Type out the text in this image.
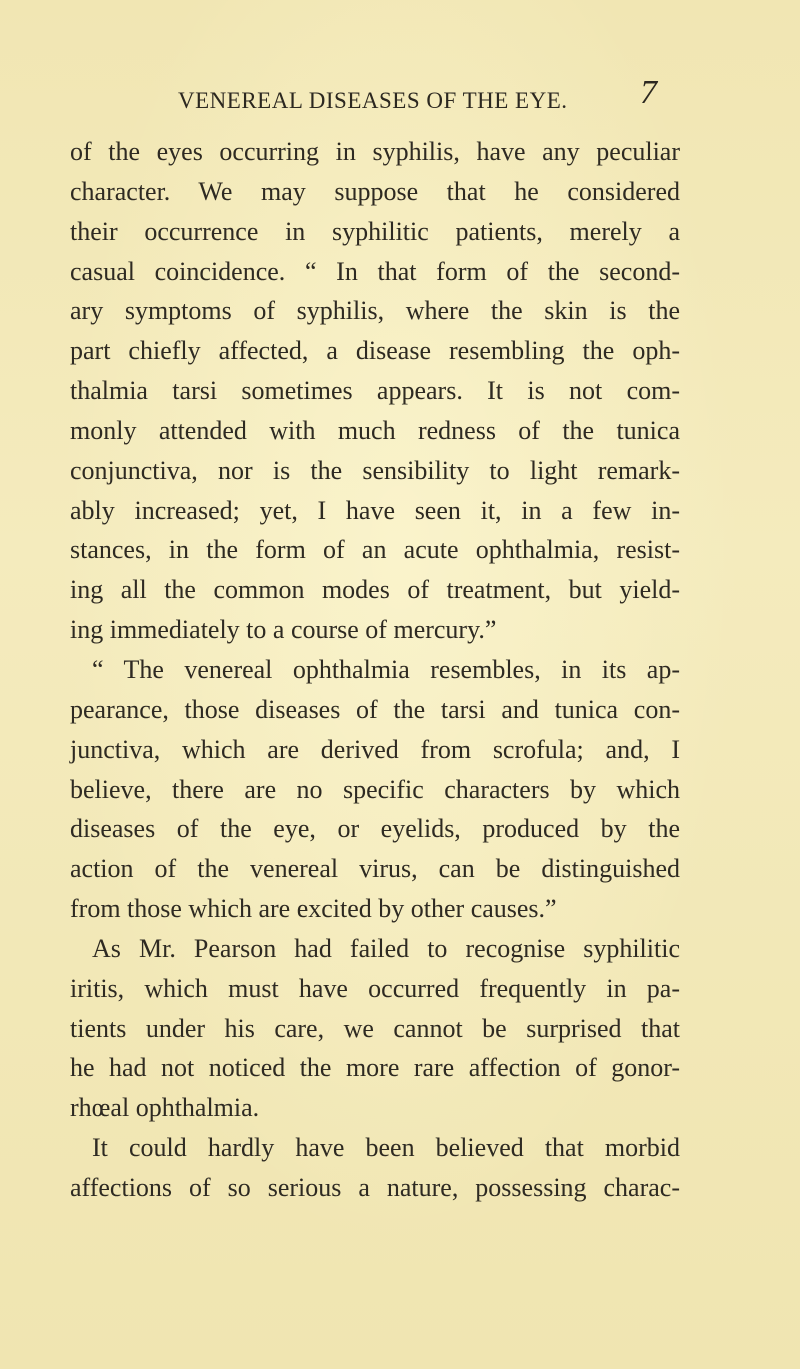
VENEREAL DISEASES OF THE EYE. 7
of the eyes occurring in syphilis, have any peculiar
character. We may suppose that he considered
their occurrence in syphilitic patients, merely a
casual coincidence. “ In that form of the second-
ary symptoms of syphilis, where the skin is the
part chiefly affected, a disease resembling the oph-
thalmia tarsi sometimes appears. It is not com-
monly attended with much redness of the tunica
conjunctiva, nor is the sensibility to light remark-
ably increased; yet, I have seen it, in a few in-
stances, in the form of an acute ophthalmia, resist-
ing all the common modes of treatment, but yield-
ing immediately to a course of mercury.”
“ The venereal ophthalmia resembles, in its ap-
pearance, those diseases of the tarsi and tunica con-
junctiva, which are derived from scrofula; and, I
believe, there are no specific characters by which
diseases of the eye, or eyelids, produced by the
action of the venereal virus, can be distinguished
from those which are excited by other causes.”
As Mr. Pearson had failed to recognise syphilitic
iritis, which must have occurred frequently in pa-
tients under his care, we cannot be surprised that
he had not noticed the more rare affection of gonor-
rhœal ophthalmia.
It could hardly have been believed that morbid
affections of so serious a nature, possessing charac-
